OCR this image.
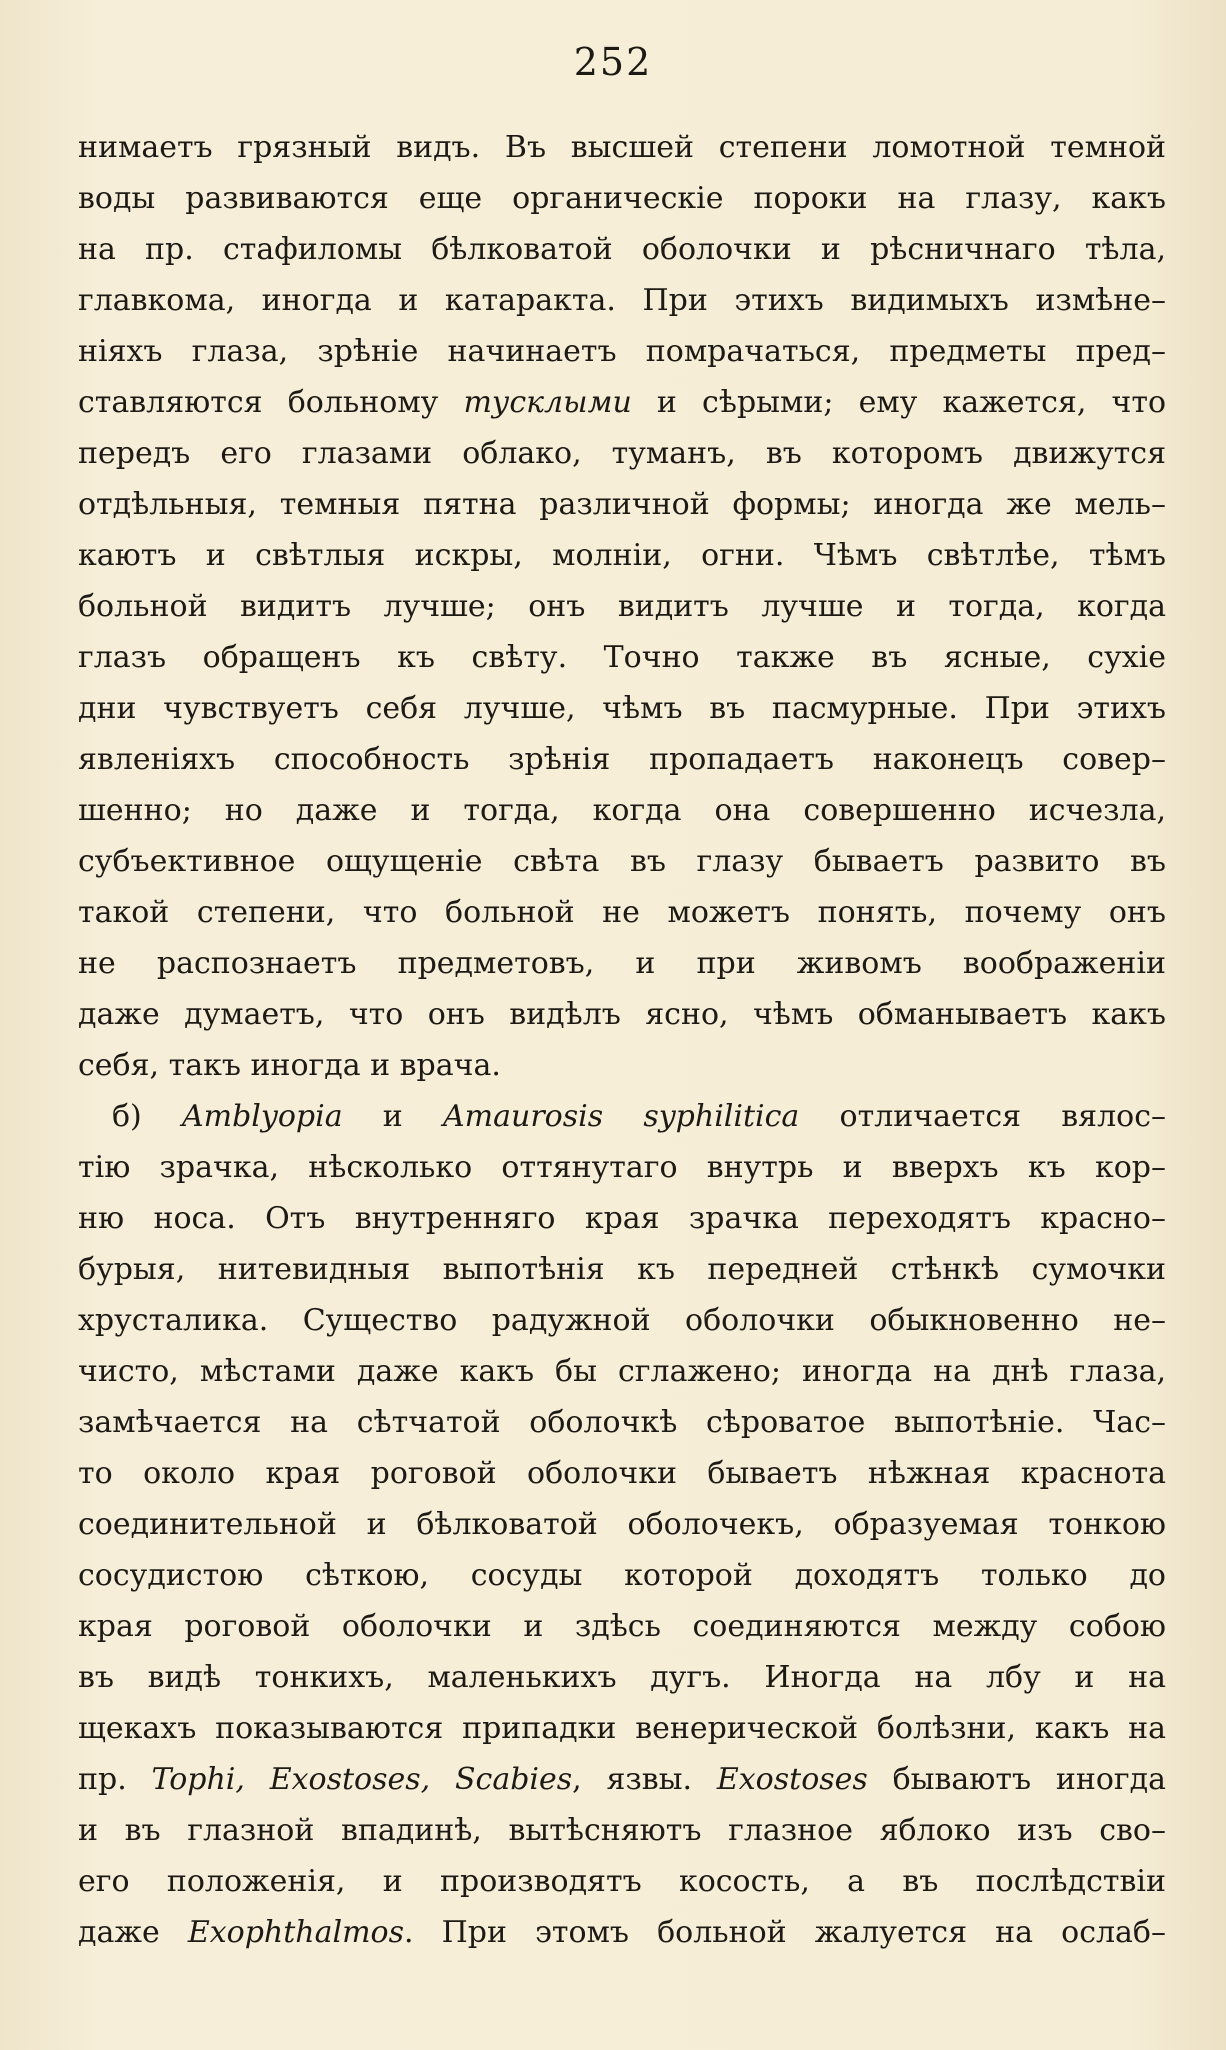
252
нимаетъ грязный видъ. Въ высшей степени ломотной темной
воды развиваются еще органическіе пороки на глазу, какъ
на пр. стафиломы бѣлковатой оболочки и рѣсничнаго тѣла,
главкома, иногда и катаракта. При этихъ видимыхъ измѣне–
ніяхъ глаза, зрѣніе начинаетъ помрачаться, предметы пред–
ставляются больному тусклыми и сѣрыми; ему кажется, что
передъ его глазами облако, туманъ, въ которомъ движутся
отдѣльныя, темныя пятна различной формы; иногда же мель–
каютъ и свѣтлыя искры, молніи, огни. Чѣмъ свѣтлѣе, тѣмъ
больной видитъ лучше; онъ видитъ лучше и тогда, когда
глазъ обращенъ къ свѣту. Точно также въ ясные, сухіе
дни чувствуетъ себя лучше, чѣмъ въ пасмурные. При этихъ
явленіяхъ способность зрѣнія пропадаетъ наконецъ совер–
шенно; но даже и тогда, когда она совершенно исчезла,
субъективное ощущеніе свѣта въ глазу бываетъ развито въ
такой степени, что больной не можетъ понять, почему онъ
не распознаетъ предметовъ, и при живомъ воображеніи
даже думаетъ, что онъ видѣлъ ясно, чѣмъ обманываетъ какъ
себя, такъ иногда и врача.
б) Amblyopia и Amaurosis syphilitica отличается вялос–
тію зрачка, нѣсколько оттянутаго внутрь и вверхъ къ кор–
ню носа. Отъ внутренняго края зрачка переходятъ красно–
бурыя, нитевидныя выпотѣнія къ передней стѣнкѣ сумочки
хрусталика. Существо радужной оболочки обыкновенно не–
чисто, мѣстами даже какъ бы сглажено; иногда на днѣ глаза,
замѣчается на сѣтчатой оболочкѣ сѣроватое выпотѣніе. Час–
то около края роговой оболочки бываетъ нѣжная краснота
соединительной и бѣлковатой оболочекъ, образуемая тонкою
сосудистою сѣткою, сосуды которой доходятъ только до
края роговой оболочки и здѣсь соединяются между собою
въ видѣ тонкихъ, маленькихъ дугъ. Иногда на лбу и на
щекахъ показываются припадки венерической болѣзни, какъ на
пр. Tophi, Exostoses, Scabies, язвы. Exostoses бываютъ иногда
и въ глазной впадинѣ, вытѣсняютъ глазное яблоко изъ сво–
его положенія, и производятъ косость, а въ послѣдствіи
даже Exophthalmos. При этомъ больной жалуется на ослаб–
